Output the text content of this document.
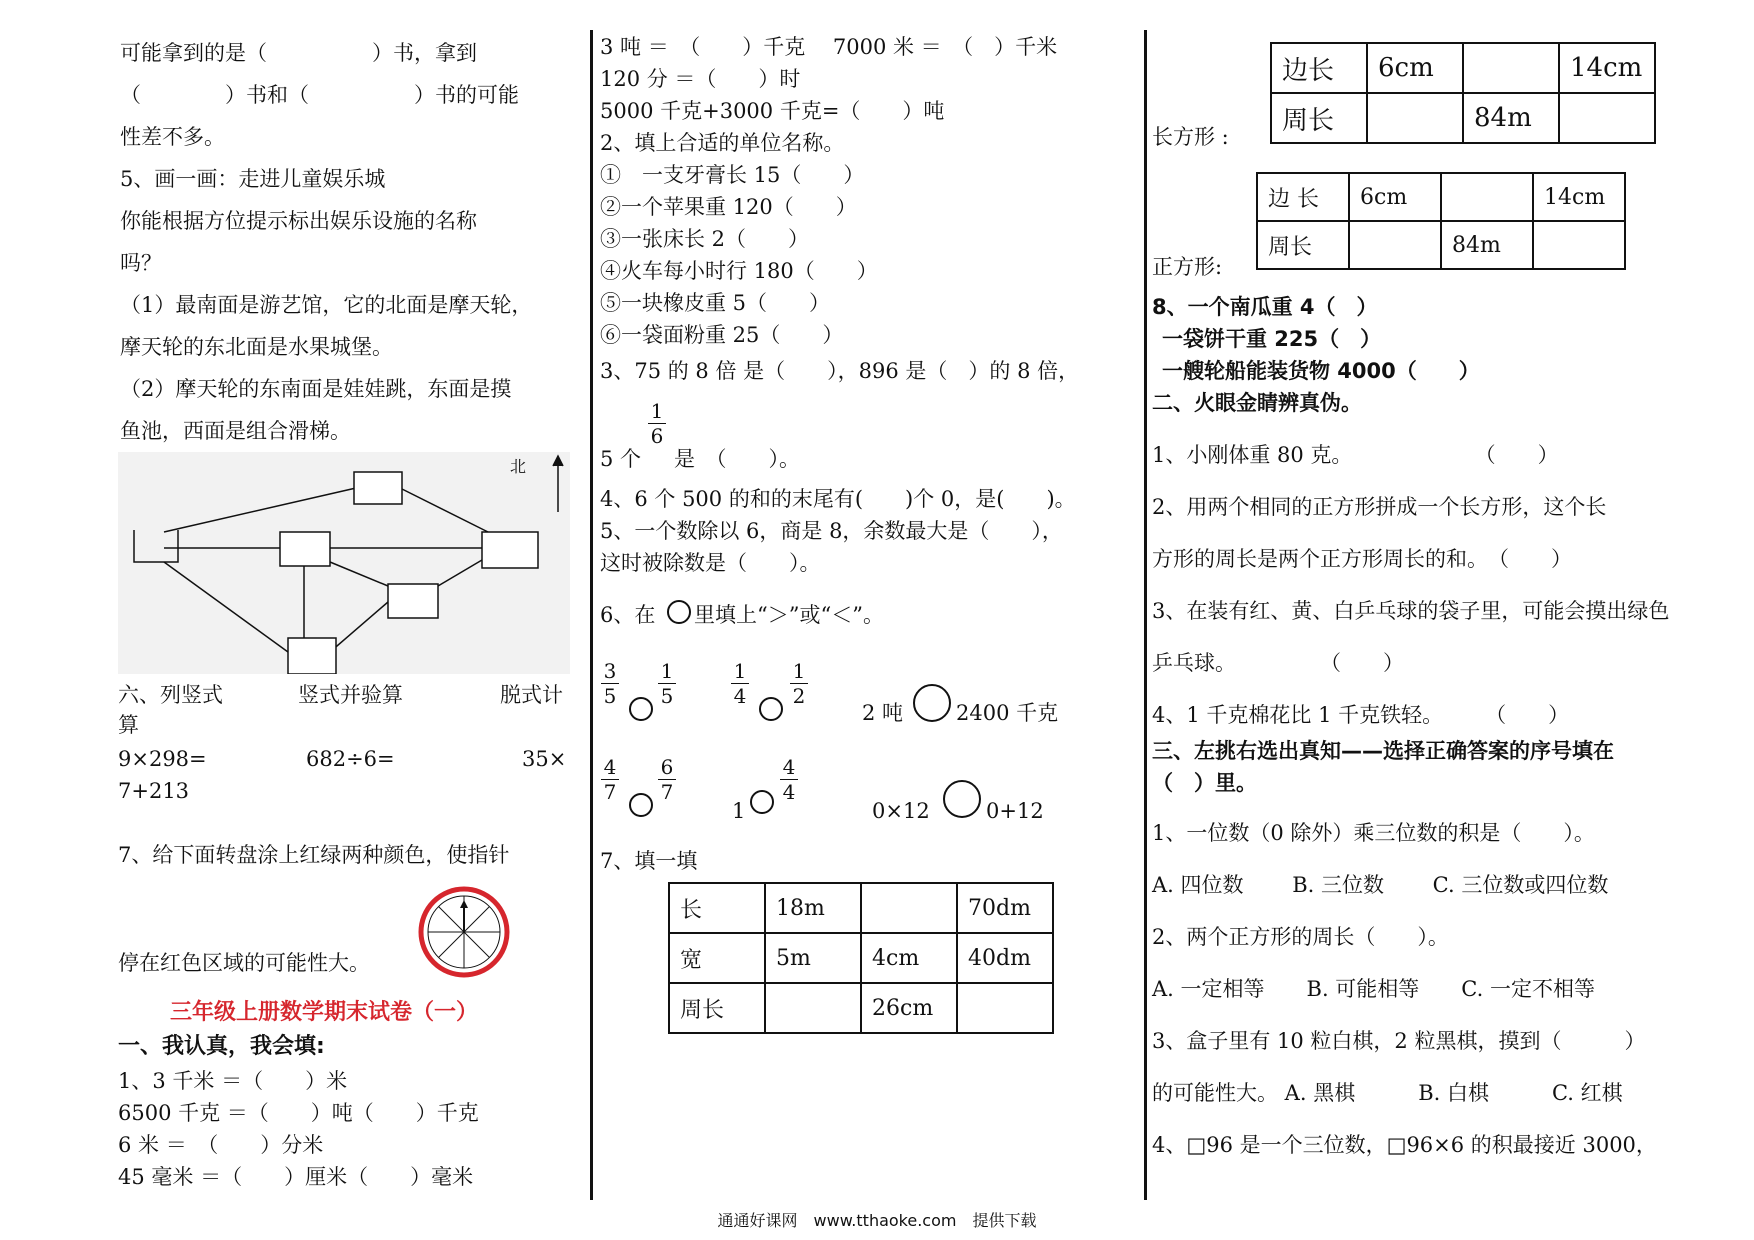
可能拿到的是（　　　　　）书，拿到
（　　　　）书和（　　　　　）书的可能
性差不多。
5、画一画：走进儿童娱乐城
你能根据方位提示标出娱乐设施的名称
吗？
（1）最南面是游艺馆，它的北面是摩天轮，
摩天轮的东北面是水果城堡。
（2）摩天轮的东南面是娃娃跳，东面是摸
鱼池，西面是组合滑梯。
北
六、列竖式	竖式并验算	脱式计
算
9×298=	682÷6=	35×
7+213
7、给下面转盘涂上红绿两种颜色，使指针
停在红色区域的可能性大。
三年级上册数学期末试卷（一）
一、我认真，我会填:
1、3 千米 ＝（　　）米
6500 千克 ＝（　　）吨（　　）千克
6 米 ＝　（　　）分米
45 毫米 ＝（　　）厘米（　　）毫米
3 吨 ＝　（　　）千克　 7000 米 ＝　（　）千米
120 分 ＝（　　）时
5000 千克+3000 千克=（　　）吨
2、填上合适的单位名称。
①　一支牙膏长 15（　　）
②一个苹果重 120（　　）
③一张床长 2（　　）
④火车每小时行 180（　　）
⑤一块橡皮重 5（　　）
⑥一袋面粉重 25（　　）
3、75 的 8 倍 是（　　），896 是（　）的 8 倍，
5 个
1
6
是　（　　）。
4、6 个 500 的和的末尾有(　　)个 0，是(　　)。
5、一个数除以 6，商是 8，余数最大是（　　），
这时被除数是（　　）。
6、在 里填上“＞”或“＜”。
3
5
1
5
1
4
1
2
2 吨	2400 千克
4
7
6
7
1
4
4
0×12	0+12
7、填一填
长	18m		70dm
宽	5m	4cm	40dm
周长		26cm	
边长	6cm		14cm
周长		84m	
长方形 :
边 长	6cm		14cm
周长		84m	
正方形:
8、一个南瓜重 4（　）
一袋饼干重 225（　）
一艘轮船能装货物 4000（　　）
二、火眼金睛辨真伪。
1、小刚体重 80 克。　　　　　　 （　　）
2、用两个相同的正方形拼成一个长方形，这个长
方形的周长是两个正方形周长的和。　（　　）
3、在装有红、黄、白乒乓球的袋子里，可能会摸出绿色
乒乓球。　　　　　（　　）
4、1 千克棉花比 1 千克铁轻。　　　（　　）
三、左挑右选出真知——选择正确答案的序号填在
（　）里。
1、一位数（0 除外）乘三位数的积是（　　）。
A. 四位数　　 B. 三位数　　 C. 三位数或四位数
2、两个正方形的周长（　　）。
A. 一定相等　　B. 可能相等　　C. 一定不相等
3、盒子里有 10 粒白棋，2 粒黑棋，摸到（　　　）
的可能性大。 A. 黑棋　　　B. 白棋　　　C. 红棋
4、□96 是一个三位数，□96×6 的积最接近 3000，
通通好课网　www.tthaoke.com　提供下载
